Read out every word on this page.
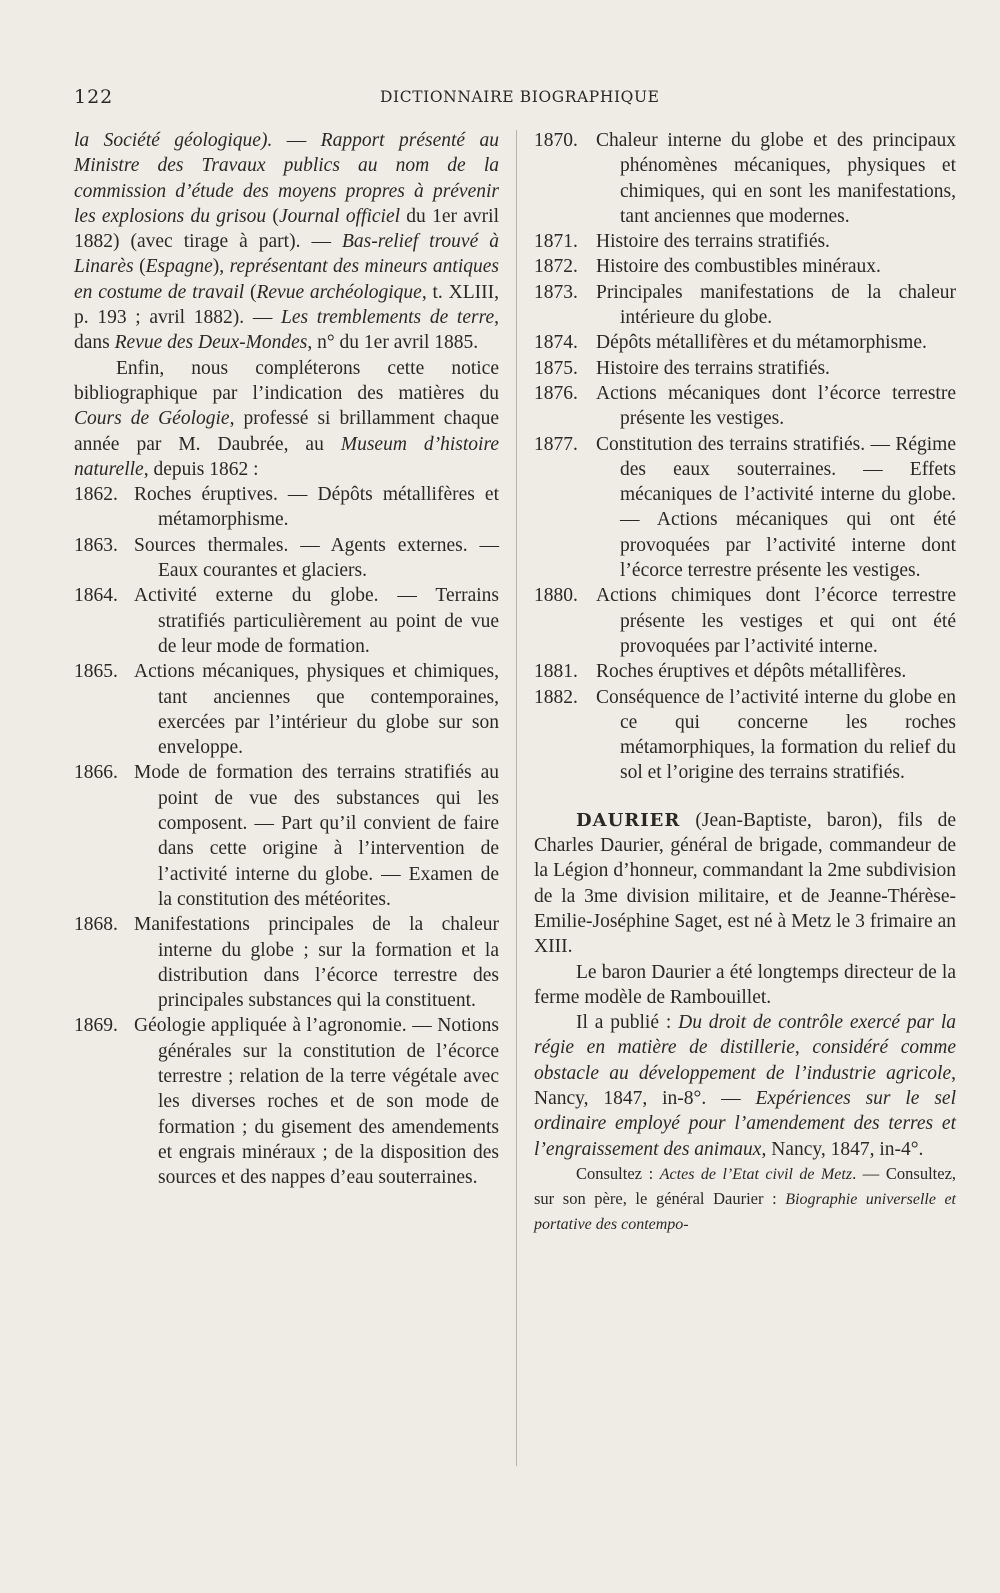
122	DICTIONNAIRE BIOGRAPHIQUE

la Société géologique). — Rapport présenté au Ministre des Travaux publics au nom de la commission d’étude des moyens propres à prévenir les explosions du grisou (Journal officiel du 1er avril 1882) (avec tirage à part). — Bas-relief trouvé à Linarès (Espagne), représentant des mineurs antiques en costume de travail (Revue archéologique, t. XLIII, p. 193 ; avril 1882). — Les tremblements de terre, dans Revue des Deux-Mondes, n° du 1er avril 1885.

Enfin, nous compléterons cette notice bibliographique par l’indication des matières du Cours de Géologie, professé si brillamment chaque année par M. Daubrée, au Museum d’histoire naturelle, depuis 1862 :

1862. Roches éruptives. — Dépôts métallifères et métamorphisme.
1863. Sources thermales. — Agents externes. — Eaux courantes et glaciers.
1864. Activité externe du globe. — Terrains stratifiés particulièrement au point de vue de leur mode de formation.
1865. Actions mécaniques, physiques et chimiques, tant anciennes que contemporaines, exercées par l’intérieur du globe sur son enveloppe.
1866. Mode de formation des terrains stratifiés au point de vue des substances qui les composent. — Part qu’il convient de faire dans cette origine à l’intervention de l’activité interne du globe. — Examen de la constitution des météorites.
1868. Manifestations principales de la chaleur interne du globe ; sur la formation et la distribution dans l’écorce terrestre des principales substances qui la constituent.
1869. Géologie appliquée à l’agronomie. — Notions générales sur la constitution de l’écorce terrestre ; relation de la terre végétale avec les diverses roches et de son mode de formation ; du gisement des amendements et engrais minéraux ; de la disposition des sources et des nappes d’eau souterraines.
1870. Chaleur interne du globe et des principaux phénomènes mécaniques, physiques et chimiques, qui en sont les manifestations, tant anciennes que modernes.
1871. Histoire des terrains stratifiés.
1872. Histoire des combustibles minéraux.
1873. Principales manifestations de la chaleur intérieure du globe.
1874. Dépôts métallifères et du métamorphisme.
1875. Histoire des terrains stratifiés.
1876. Actions mécaniques dont l’écorce terrestre présente les vestiges.
1877. Constitution des terrains stratifiés. — Régime des eaux souterraines. — Effets mécaniques de l’activité interne du globe. — Actions mécaniques qui ont été provoquées par l’activité interne dont l’écorce terrestre présente les vestiges.
1880. Actions chimiques dont l’écorce terrestre présente les vestiges et qui ont été provoquées par l’activité interne.
1881. Roches éruptives et dépôts métallifères.
1882. Conséquence de l’activité interne du globe en ce qui concerne les roches métamorphiques, la formation du relief du sol et l’origine des terrains stratifiés.

DAURIER (Jean-Baptiste, baron), fils de Charles Daurier, général de brigade, commandeur de la Légion d’honneur, commandant la 2me subdivision de la 3me division militaire, et de Jeanne-Thérèse-Emilie-Joséphine Saget, est né à Metz le 3 frimaire an XIII.

Le baron Daurier a été longtemps directeur de la ferme modèle de Rambouillet.

Il a publié : Du droit de contrôle exercé par la régie en matière de distillerie, considéré comme obstacle au développement de l’industrie agricole, Nancy, 1847, in-8°. — Expériences sur le sel ordinaire employé pour l’amendement des terres et l’engraissement des animaux, Nancy, 1847, in-4°.

Consultez : Actes de l’Etat civil de Metz. — Consultez, sur son père, le général Daurier : Biographie universelle et portative des contempo-
